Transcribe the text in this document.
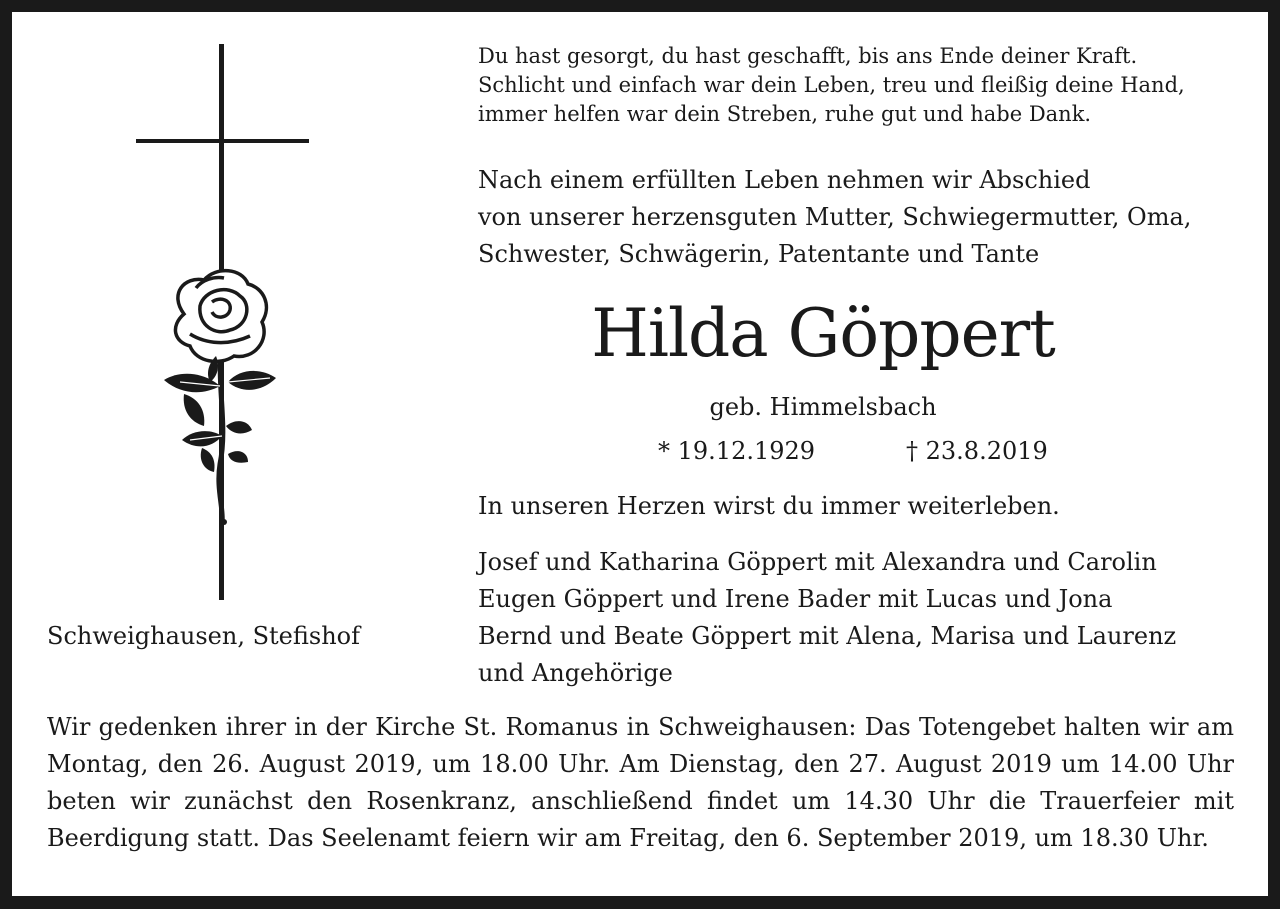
Schweighausen, Stefishof
Du hast gesorgt, du hast geschafft, bis ans Ende deiner Kraft.
Schlicht und einfach war dein Leben, treu und fleißig deine Hand,
immer helfen war dein Streben, ruhe gut und habe Dank.
Nach einem erfüllten Leben nehmen wir Abschied
von unserer herzensguten Mutter, Schwiegermutter, Oma,
Schwester, Schwägerin, Patentante und Tante
Hilda Göppert
geb. Himmelsbach
* 19.12.1929	† 23.8.2019
In unseren Herzen wirst du immer weiterleben.
Josef und Katharina Göppert mit Alexandra und Carolin
Eugen Göppert und Irene Bader mit Lucas und Jona
Bernd und Beate Göppert mit Alena, Marisa und Laurenz
und Angehörige
Wir gedenken ihrer in der Kirche St. Romanus in Schweighausen: Das Totengebet halten wir am
Montag, den 26. August 2019, um 18.00 Uhr. Am Dienstag, den 27. August 2019 um 14.00 Uhr
beten wir zunächst den Rosenkranz, anschließend findet um 14.30 Uhr die Trauerfeier mit
Beerdigung statt. Das Seelenamt feiern wir am Freitag, den 6. September 2019, um 18.30 Uhr.
